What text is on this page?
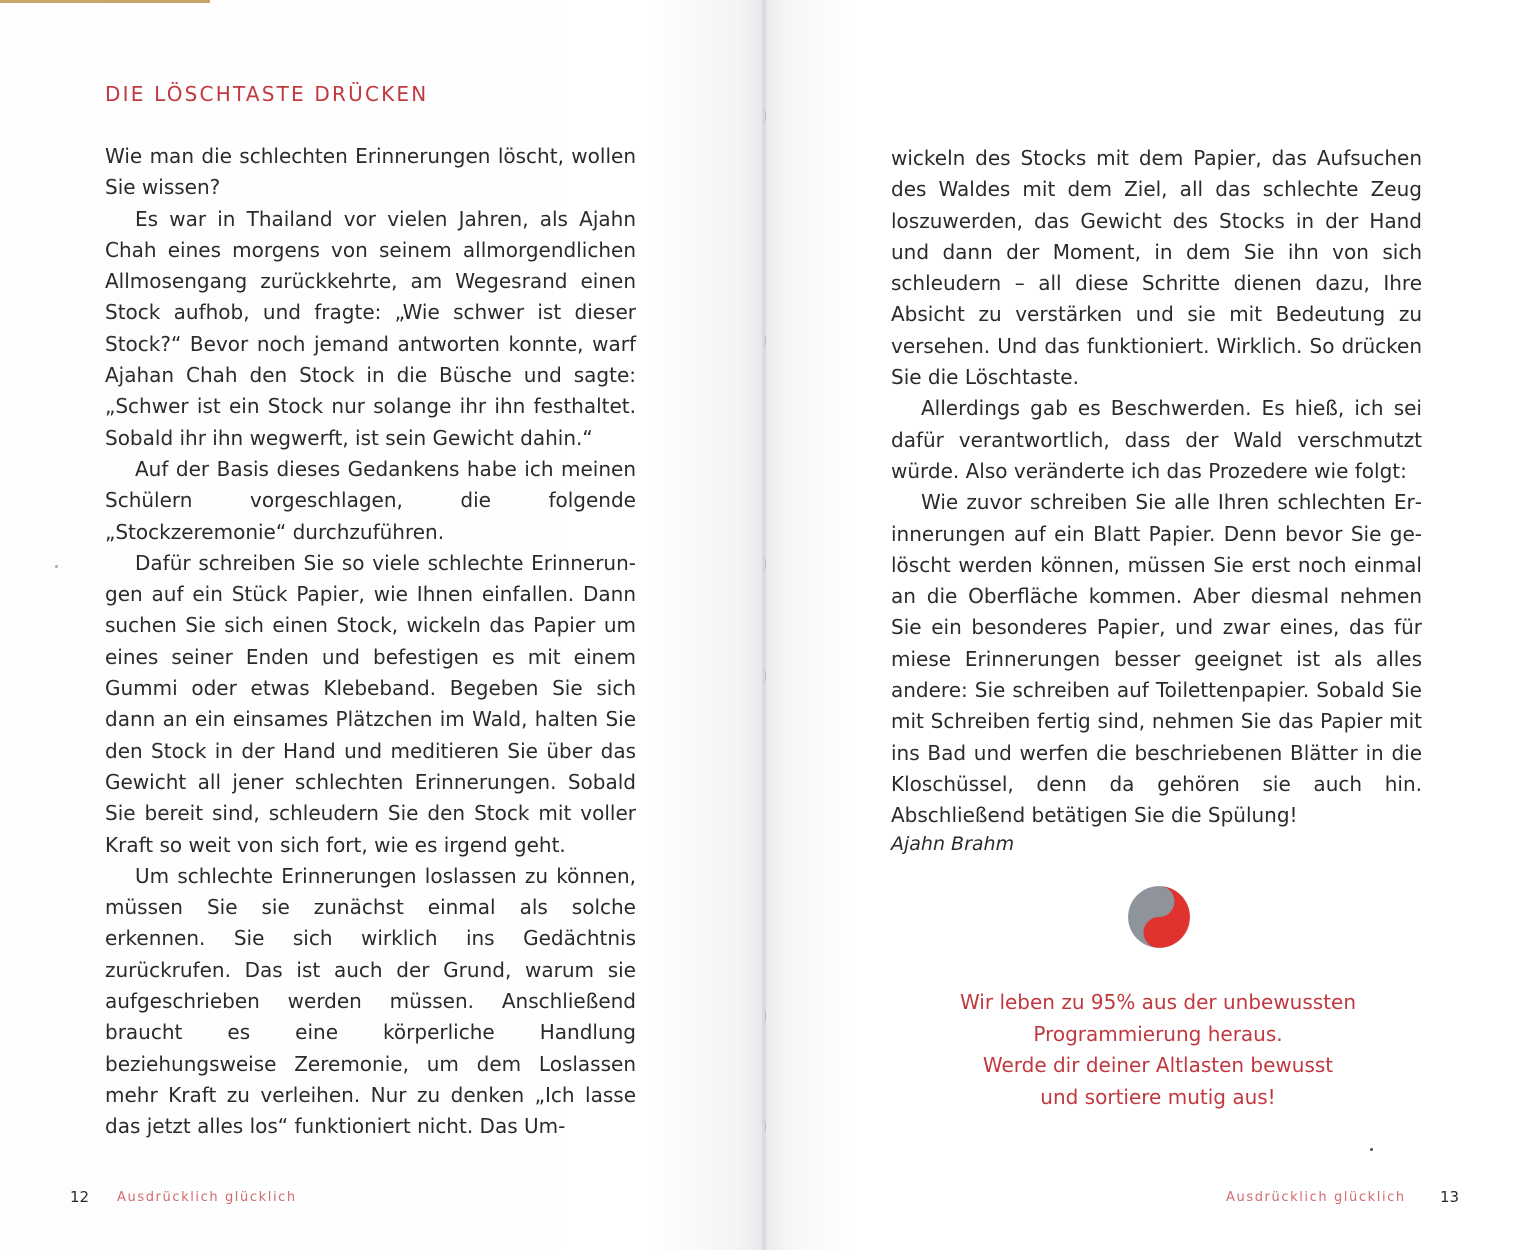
DIE LÖSCHTASTE DRÜCKEN

Wie man die schlechten Erinnerungen löscht, wollen Sie wissen?

Es war in Thailand vor vielen Jahren, als Ajahn Chah eines morgens von seinem allmorgendlichen Allmosengang zurückkehrte, am Wegesrand einen Stock aufhob, und fragte: „Wie schwer ist dieser Stock?“ Bevor noch jemand antworten konnte, warf Ajahan Chah den Stock in die Büsche und sagte: „Schwer ist ein Stock nur solange ihr ihn festhaltet. Sobald ihr ihn wegwerft, ist sein Gewicht dahin.“

Auf der Basis dieses Gedankens habe ich meinen Schülern vorgeschlagen, die folgende „Stockzeremonie“ durchzuführen.

Dafür schreiben Sie so viele schlechte Erinnerungen auf ein Stück Papier, wie Ihnen einfallen. Dann suchen Sie sich einen Stock, wickeln das Papier um eines seiner Enden und befestigen es mit einem Gummi oder etwas Klebeband. Begeben Sie sich dann an ein einsames Plätzchen im Wald, halten Sie den Stock in der Hand und meditieren Sie über das Gewicht all jener schlechten Erinnerungen. Sobald Sie bereit sind, schleudern Sie den Stock mit voller Kraft so weit von sich fort, wie es irgend geht.

Um schlechte Erinnerungen loslassen zu können, müssen Sie sie zunächst einmal als solche erkennen. Sie sich wirklich ins Gedächtnis zurückrufen. Das ist auch der Grund, warum sie aufgeschrieben werden müssen. Anschließend braucht es eine körperliche Handlung beziehungsweise Zeremonie, um dem Loslassen mehr Kraft zu verleihen. Nur zu denken „Ich lasse das jetzt alles los“ funktioniert nicht. Das Um-

12 Ausdrücklich glücklich

wickeln des Stocks mit dem Papier, das Aufsuchen des Waldes mit dem Ziel, all das schlechte Zeug loszuwerden, das Gewicht des Stocks in der Hand und dann der Moment, in dem Sie ihn von sich schleudern – all diese Schritte dienen dazu, Ihre Absicht zu verstärken und sie mit Bedeutung zu versehen. Und das funktioniert. Wirklich. So drücken Sie die Löschtaste.

Allerdings gab es Beschwerden. Es hieß, ich sei dafür verantwortlich, dass der Wald verschmutzt würde. Also veränderte ich das Prozedere wie folgt:

Wie zuvor schreiben Sie alle Ihren schlechten Erinnerungen auf ein Blatt Papier. Denn bevor Sie gelöscht werden können, müssen Sie erst noch einmal an die Oberfläche kommen. Aber diesmal nehmen Sie ein besonderes Papier, und zwar eines, das für miese Erinnerungen besser geeignet ist als alles andere: Sie schreiben auf Toilettenpapier. Sobald Sie mit Schreiben fertig sind, nehmen Sie das Papier mit ins Bad und werfen die beschriebenen Blätter in die Kloschüssel, denn da gehören sie auch hin. Abschließend betätigen Sie die Spülung!

Ajahn Brahm
Wir leben zu 95% aus der unbewussten
Programmierung heraus.
Werde dir deiner Altlasten bewusst
und sortiere mutig aus!
Ausdrücklich glücklich 13
